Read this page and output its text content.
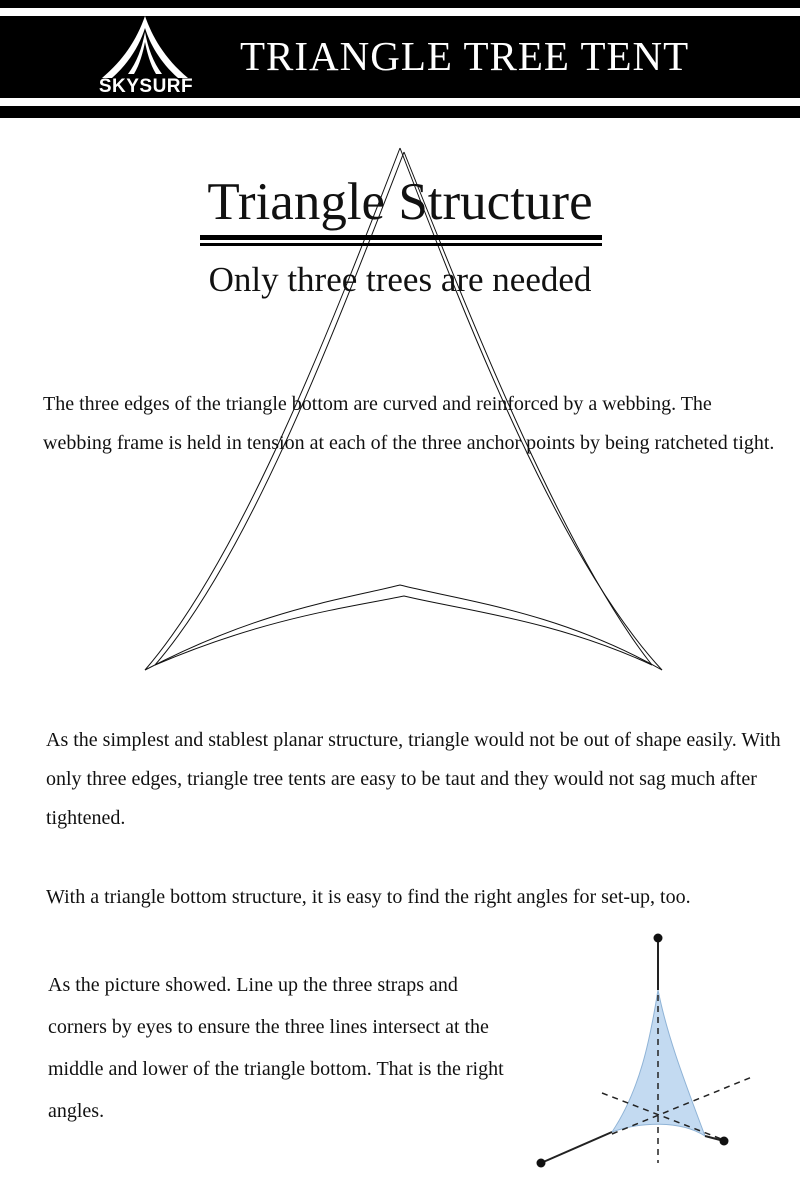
SKYSURF
TRIANGLE TREE TENT
Triangle Structure
Only three trees are needed

The three edges of the triangle bottom are curved and reinforced by a webbing. The webbing frame is held in tension at each of the three anchor points by being ratcheted tight.

As the simplest and stablest planar structure, triangle would not be out of shape easily. With only three edges, triangle tree tents are easy to be taut and they would not sag much after tightened.

With a triangle bottom structure, it is easy to find the right angles for set-up, too.

As the picture showed. Line up the three straps and corners by eyes to ensure the three lines intersect at the middle and lower of the triangle bottom. That is the right angles.
